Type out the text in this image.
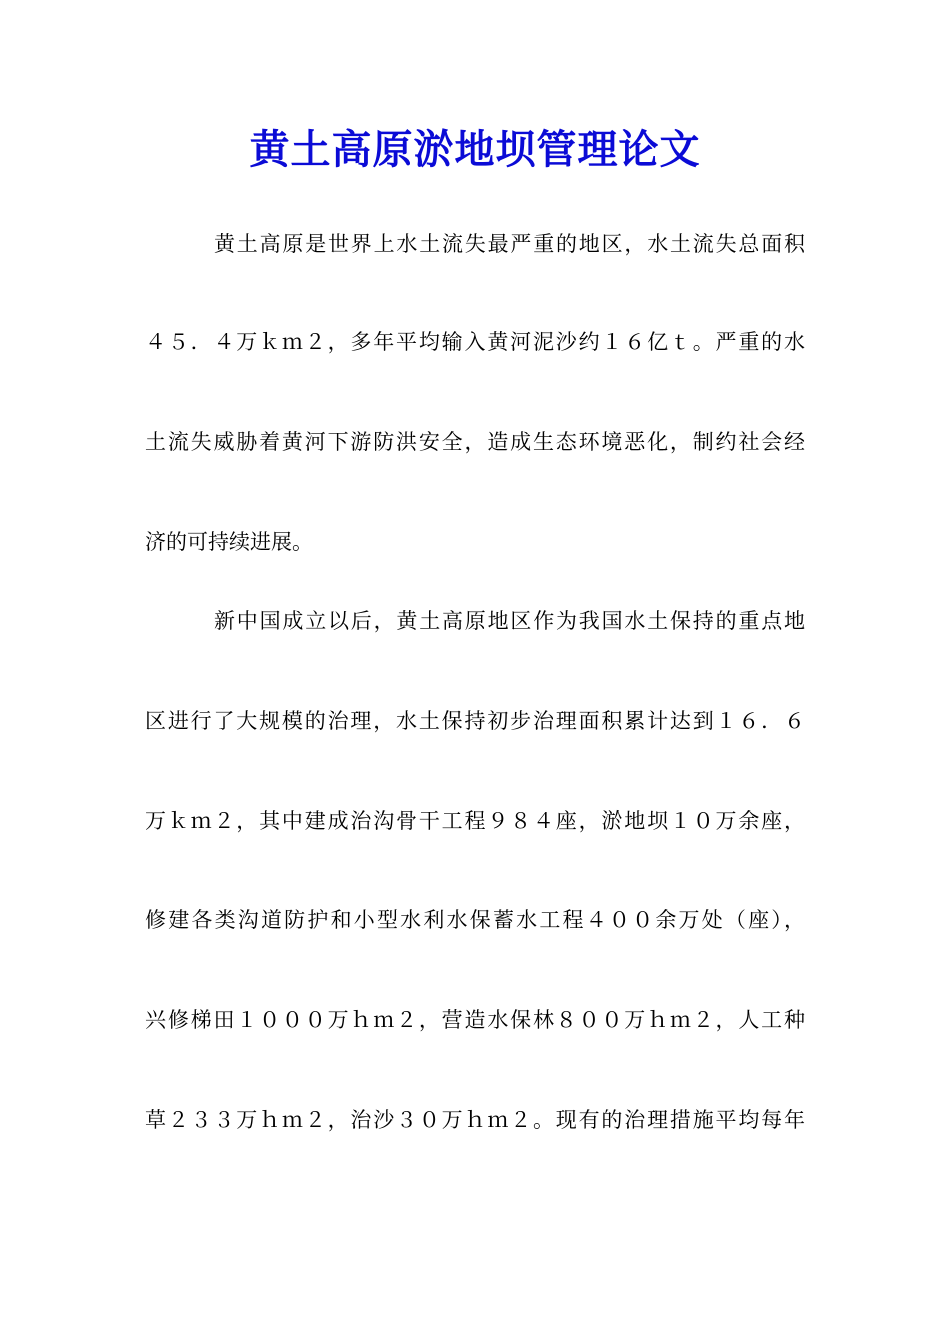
黄土高原淤地坝管理论文
黄土高原是世界上水土流失最严重的地区，水土流失总面积
４５．４万ｋｍ２，多年平均输入黄河泥沙约１６亿ｔ。严重的水
土流失威胁着黄河下游防洪安全，造成生态环境恶化，制约社会经
济的可持续进展。
新中国成立以后，黄土高原地区作为我国水土保持的重点地
区进行了大规模的治理，水土保持初步治理面积累计达到１６．６
万ｋｍ２，其中建成治沟骨干工程９８４座，淤地坝１０万余座，
修建各类沟道防护和小型水利水保蓄水工程４００余万处（座），
兴修梯田１０００万ｈｍ２，营造水保林８００万ｈｍ２，人工种
草２３３万ｈｍ２，治沙３０万ｈｍ２。现有的治理措施平均每年
